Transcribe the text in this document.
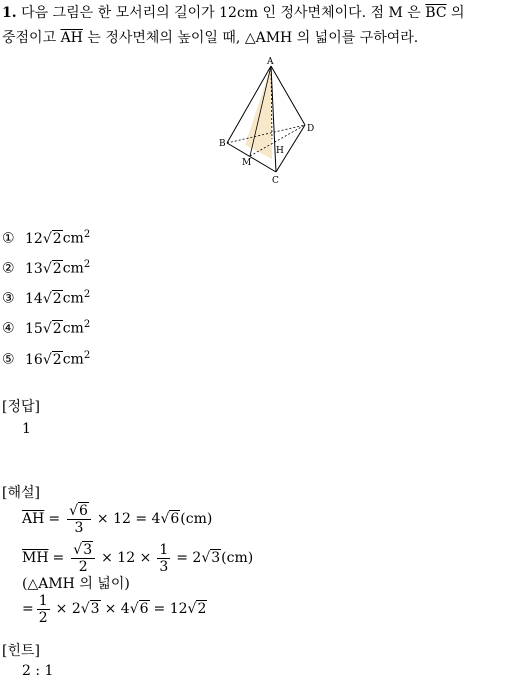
1. 다음 그림은 한 모서리의 길이가 12cm 인 정사면체이다. 점 M 은 $\overline{BC}$ 의
중점이고 $\overline{AH}$ 는 정사면체의 높이일 때, △AMH 의 넓이를 구하여라.
A
B
C
D
M
H
① $12√2cm^2$
② $13√2cm^2$
③ $14√2cm^2$
④ $15√2cm^2$
⑤ $16√2cm^2$
[정답]
1
[해설]
$\overline{AH} = \frac{√6}{3} \times 12 = 4$ √6 (cm)
$\overline{MH} = \frac{√3}{2} \times 12 \times \frac{1}{3} = 2$ √3 (cm)
(△AMH 의 넓이)
= $\frac{1}{2} \times 2$ √3 × 4 √6 = 12 √2
[힌트]
2 : 1
